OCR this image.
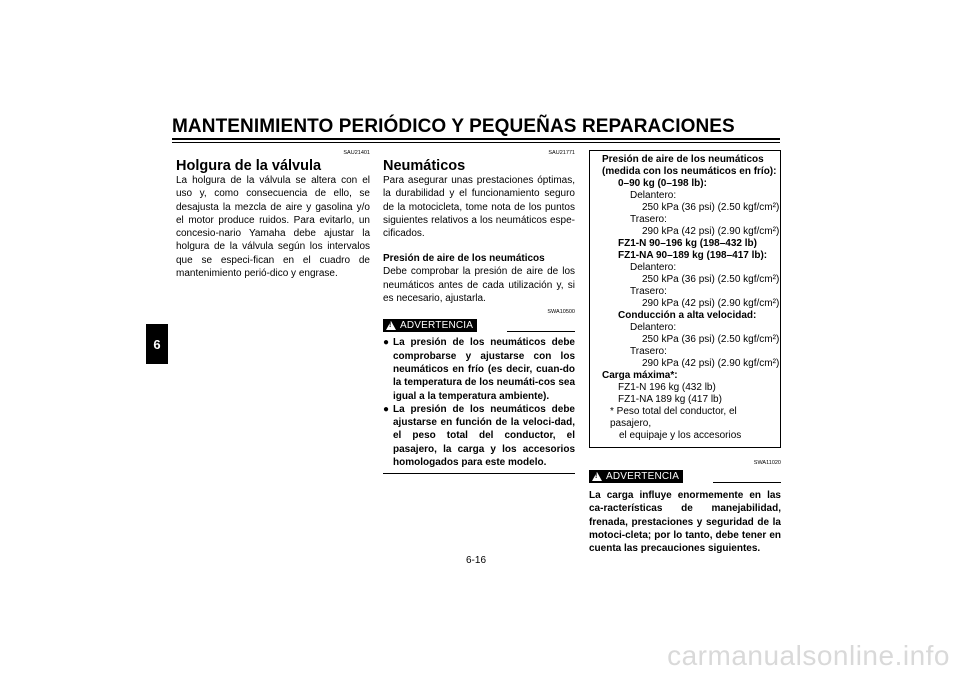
MANTENIMIENTO PERIÓDICO Y PEQUEÑAS REPARACIONES
6
SAU21401
Holgura de la válvula
La holgura de la válvula se altera con el uso y, como consecuencia de ello, se desajusta la mezcla de aire y gasolina y/o el motor produce ruidos. Para evitarlo, un concesio-nario Yamaha debe ajustar la holgura de la válvula según los intervalos que se especi-fican en el cuadro de mantenimiento perió-dico y engrase.
SAU21771
Neumáticos
Para asegurar unas prestaciones óptimas, la durabilidad y el funcionamiento seguro de la motocicleta, tome nota de los puntos siguientes relativos a los neumáticos espe-cificados.
Presión de aire de los neumáticos
Debe comprobar la presión de aire de los neumáticos antes de cada utilización y, si es necesario, ajustarla.
SWA10500
!
ADVERTENCIA
● La presión de los neumáticos debe comprobarse y ajustarse con los neumáticos en frío (es decir, cuan-do la temperatura de los neumáti-cos sea igual a la temperatura ambiente).
● La presión de los neumáticos debe ajustarse en función de la veloci-dad, el peso total del conductor, el pasajero, la carga y los accesorios homologados para este modelo.
Presión de aire de los neumáticos
(medida con los neumáticos en frío):
0–90 kg (0–198 lb):
Delantero:
250 kPa (36 psi) (2.50 kgf/cm²)
Trasero:
290 kPa (42 psi) (2.90 kgf/cm²)
FZ1-N 90–196 kg (198–432 lb)
FZ1-NA 90–189 kg (198–417 lb):
Delantero:
250 kPa (36 psi) (2.50 kgf/cm²)
Trasero:
290 kPa (42 psi) (2.90 kgf/cm²)
Conducción a alta velocidad:
Delantero:
250 kPa (36 psi) (2.50 kgf/cm²)
Trasero:
290 kPa (42 psi) (2.90 kgf/cm²)
Carga máxima*:
FZ1-N 196 kg (432 lb)
FZ1-NA 189 kg (417 lb)
* Peso total del conductor, el pasajero,
el equipaje y los accesorios
SWA11020
!
ADVERTENCIA
La carga influye enormemente en las ca-racterísticas de manejabilidad, frenada, prestaciones y seguridad de la motoci-cleta; por lo tanto, debe tener en cuenta las precauciones siguientes.
6-16
carmanualsonline.info
